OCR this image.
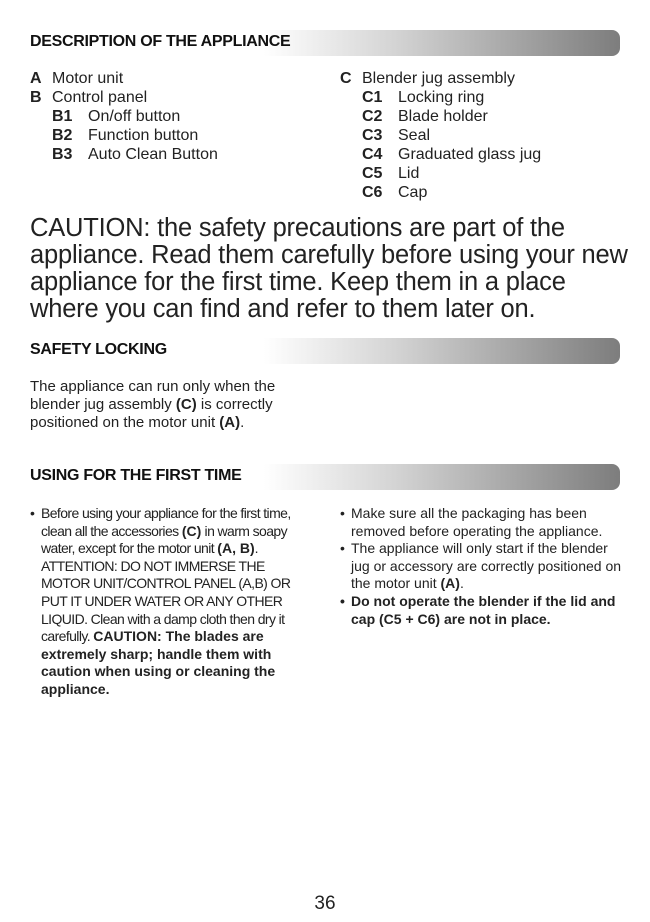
DESCRIPTION OF THE APPLIANCE
A Motor unit
B Control panel
B1 On/off button
B2 Function button
B3 Auto Clean Button
C Blender jug assembly
C1 Locking ring
C2 Blade holder
C3 Seal
C4 Graduated glass jug
C5 Lid
C6 Cap

CAUTION: the safety precautions are part of the appliance. Read them carefully before using your new appliance for the first time. Keep them in a place where you can find and refer to them later on.

SAFETY LOCKING

The appliance can run only when the blender jug assembly (C) is correctly positioned on the motor unit (A).

USING FOR THE FIRST TIME
• Before using your appliance for the first time, clean all the accessories (C) in warm soapy water, except for the motor unit (A, B). ATTENTION: DO NOT IMMERSE THE MOTOR UNIT/CONTROL PANEL (A,B) OR PUT IT UNDER WATER OR ANY OTHER LIQUID. Clean with a damp cloth then dry it carefully. CAUTION: The blades are extremely sharp; handle them with caution when using or cleaning the appliance.
• Make sure all the packaging has been removed before operating the appliance.
• The appliance will only start if the blender jug or accessory are correctly positioned on the motor unit (A).
• Do not operate the blender if the lid and cap (C5 + C6) are not in place.
36
